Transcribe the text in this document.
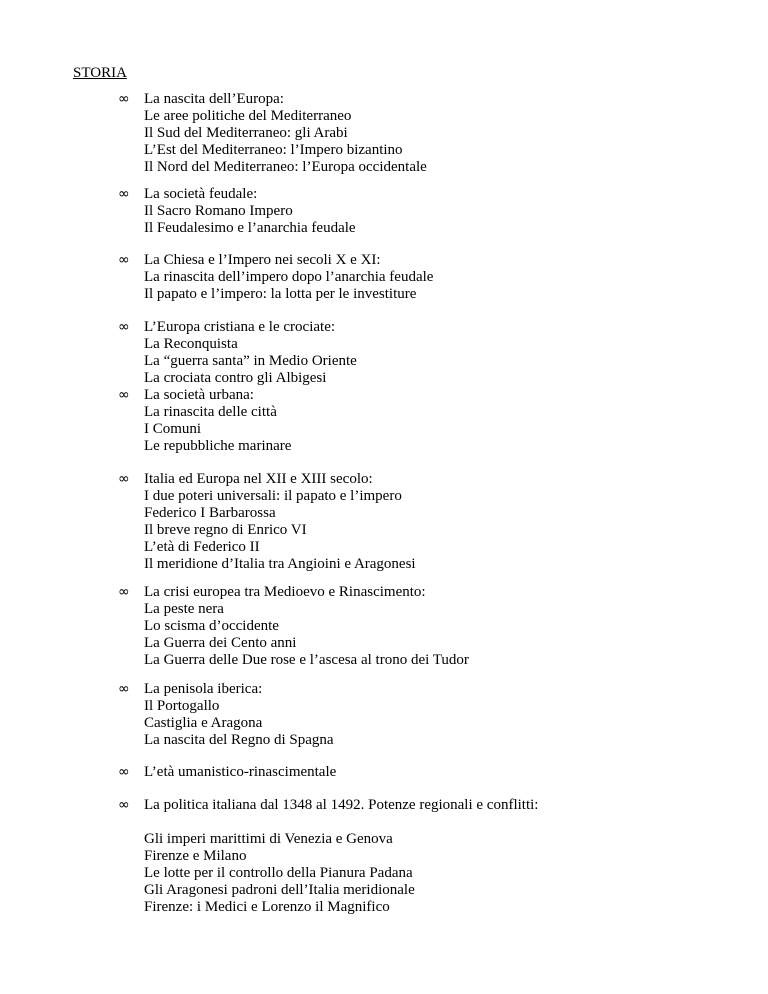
STORIA
∞ La nascita dell’Europa:
Le aree politiche del Mediterraneo
Il Sud del Mediterraneo: gli Arabi
L’Est del Mediterraneo: l’Impero bizantino
Il Nord del Mediterraneo: l’Europa occidentale
∞ La società feudale:
Il Sacro Romano Impero
Il Feudalesimo e l’anarchia feudale
∞ La Chiesa e l’Impero nei secoli X e XI:
La rinascita dell’impero dopo l’anarchia feudale
Il papato e l’impero: la lotta per le investiture
∞ L’Europa cristiana e le crociate:
La Reconquista
La “guerra santa” in Medio Oriente
La crociata contro gli Albigesi
∞ La società urbana:
La rinascita delle città
I Comuni
Le repubbliche marinare
∞ Italia ed Europa nel XII e XIII secolo:
I due poteri universali: il papato e l’impero
Federico I Barbarossa
Il breve regno di Enrico VI
L’età di Federico II
Il meridione d’Italia tra Angioini e Aragonesi
∞ La crisi europea tra Medioevo e Rinascimento:
La peste nera
Lo scisma d’occidente
La Guerra dei Cento anni
La Guerra delle Due rose e l’ascesa al trono dei Tudor
∞ La penisola iberica:
Il Portogallo
Castiglia e Aragona
La nascita del Regno di Spagna
∞ L’età umanistico-rinascimentale
∞ La politica italiana dal 1348 al 1492. Potenze regionali e conflitti:
Gli imperi marittimi di Venezia e Genova
Firenze e Milano
Le lotte per il controllo della Pianura Padana
Gli Aragonesi padroni dell’Italia meridionale
Firenze: i Medici e Lorenzo il Magnifico
